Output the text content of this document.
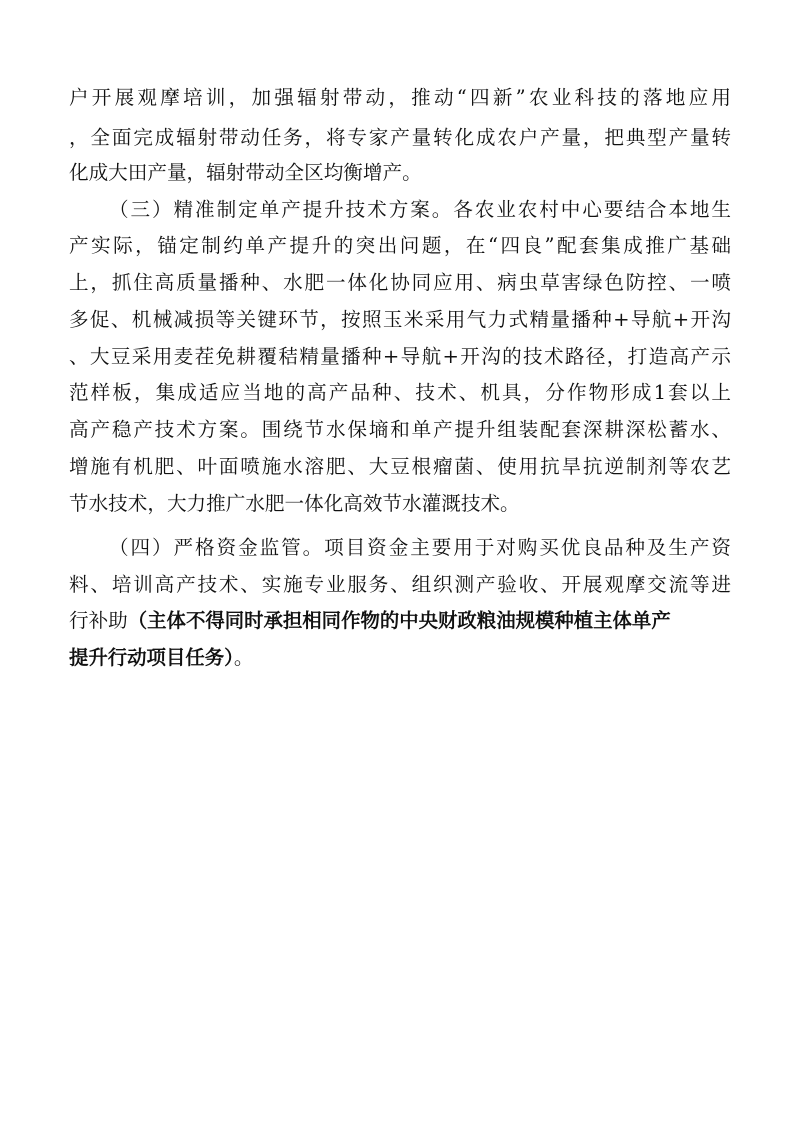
户开展观摩培训，加强辐射带动，推动“四新”农业科技的落地应用
，全面完成辐射带动任务，将专家产量转化成农户产量，把典型产量转
化成大田产量，辐射带动全区均衡增产。
（三）精准制定单产提升技术方案。各农业农村中心要结合本地生
产实际，锚定制约单产提升的突出问题，在“四良”配套集成推广基础
上，抓住高质量播种、水肥一体化协同应用、病虫草害绿色防控、一喷
多促、机械减损等关键环节，按照玉米采用气力式精量播种+导航+开沟
、大豆采用麦茬免耕覆秸精量播种+导航+开沟的技术路径，打造高产示
范样板，集成适应当地的高产品种、技术、机具，分作物形成1套以上
高产稳产技术方案。围绕节水保墒和单产提升组装配套深耕深松蓄水、
增施有机肥、叶面喷施水溶肥、大豆根瘤菌、使用抗旱抗逆制剂等农艺
节水技术，大力推广水肥一体化高效节水灌溉技术。
（四）严格资金监管。项目资金主要用于对购买优良品种及生产资
料、培训高产技术、实施专业服务、组织测产验收、开展观摩交流等进
行补助（主体不得同时承担相同作物的中央财政粮油规模种植主体单产
提升行动项目任务）。
